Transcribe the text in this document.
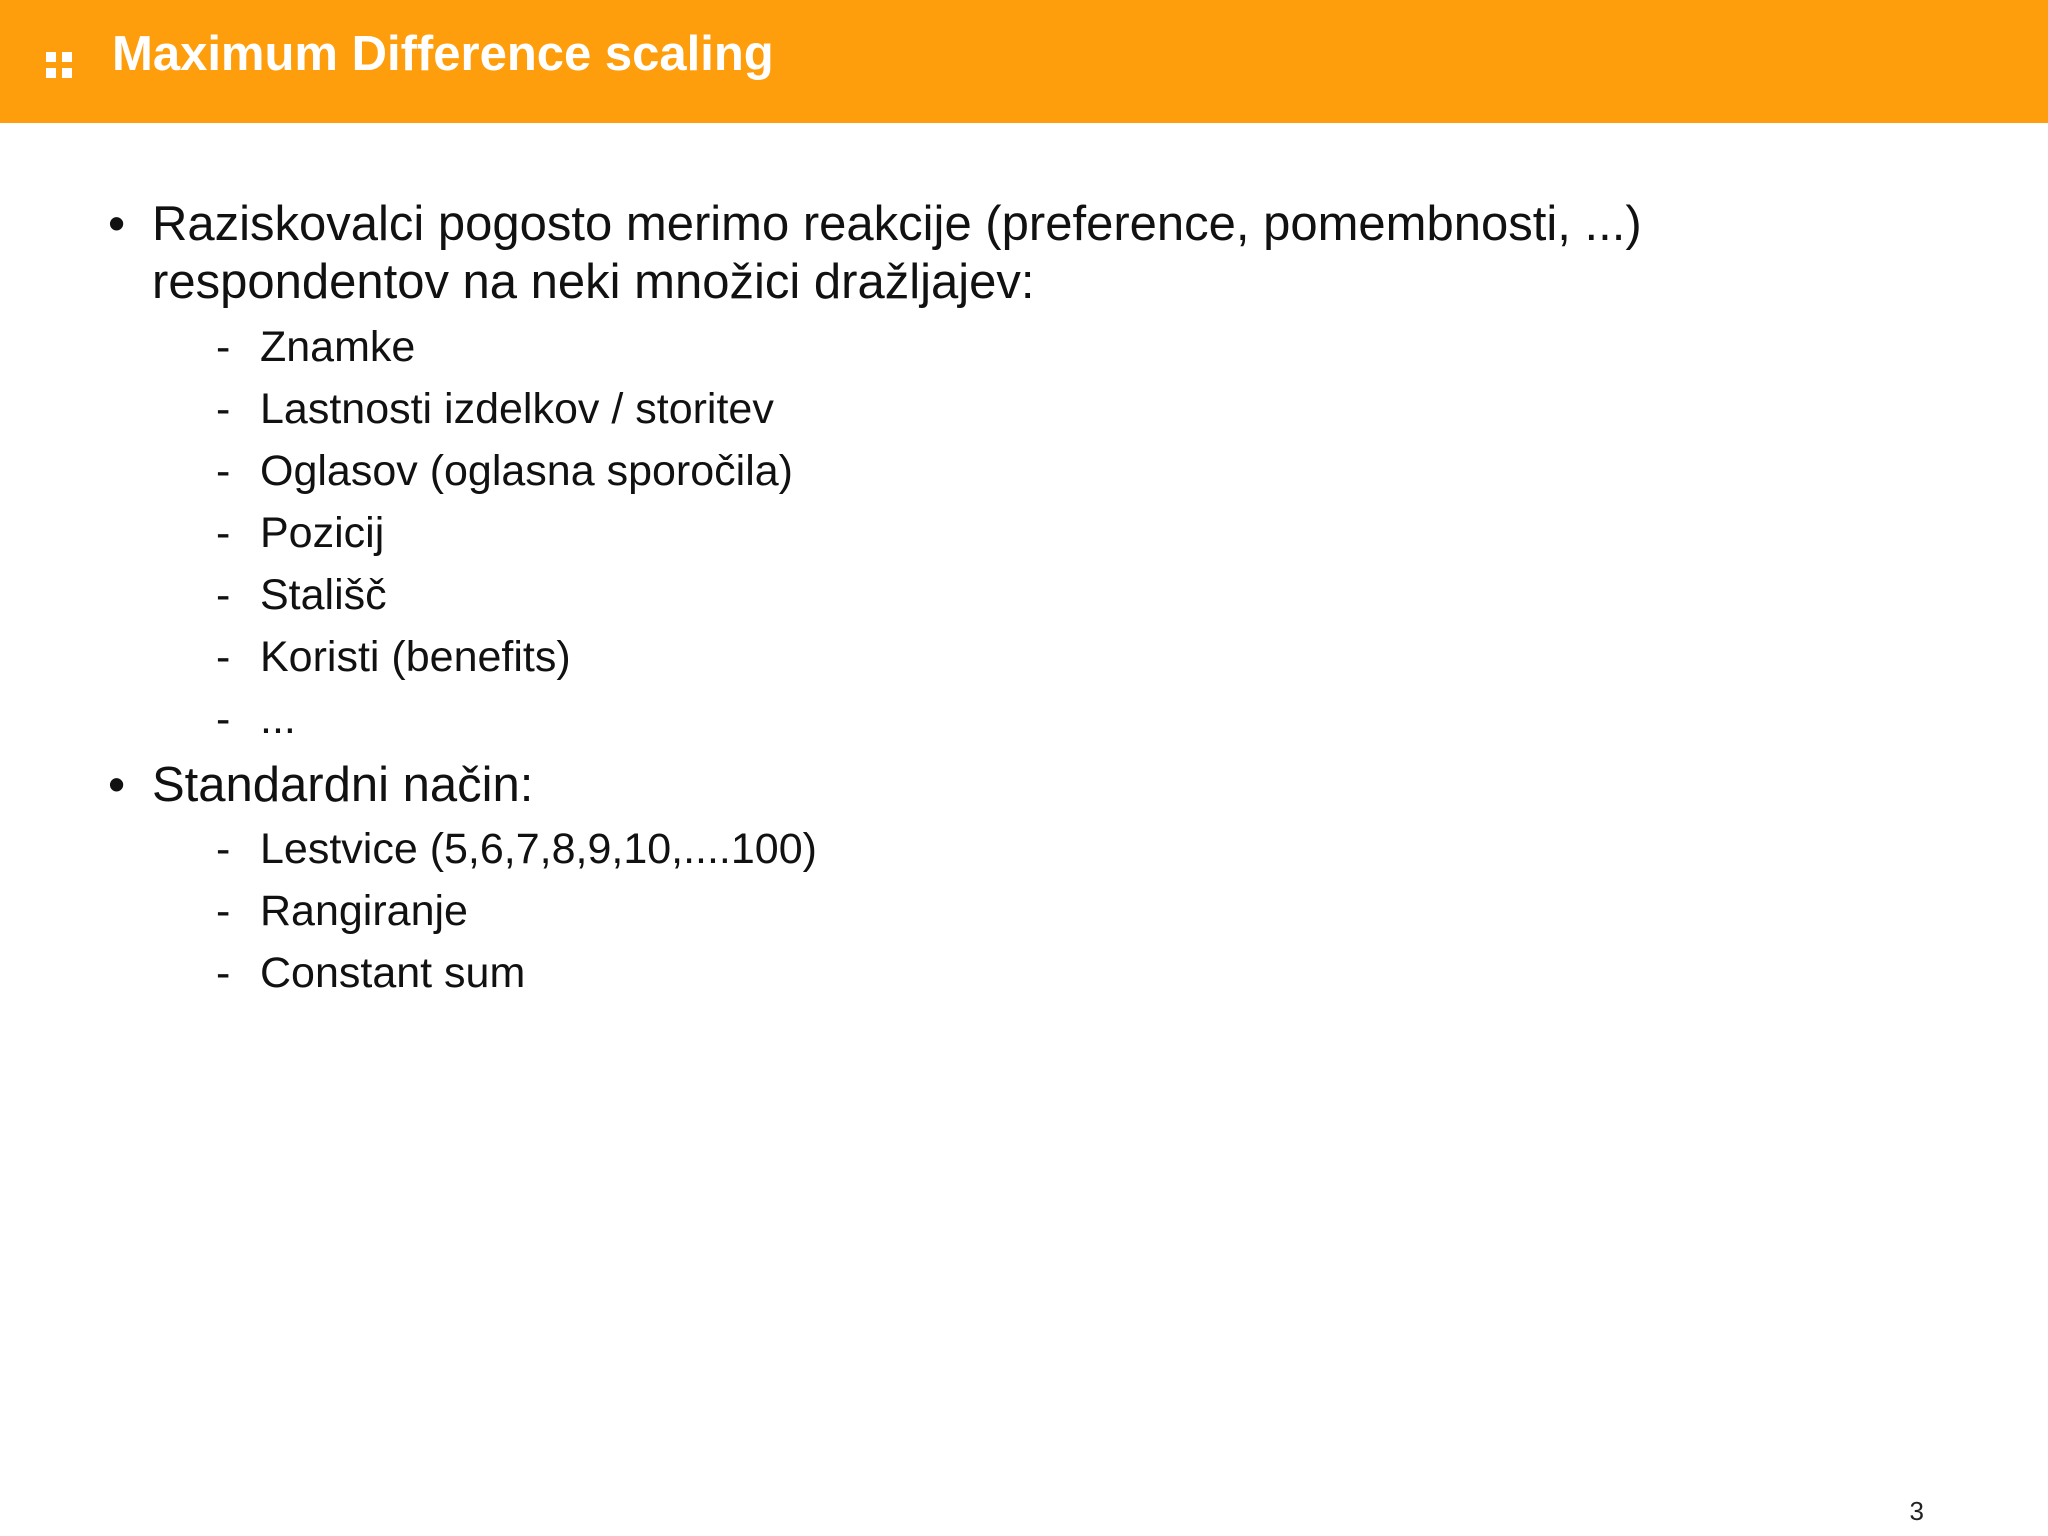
Maximum Difference scaling
• Raziskovalci pogosto merimo reakcije (preference, pomembnosti, ...) respondentov na neki množici dražljajev:
- Znamke
- Lastnosti izdelkov / storitev
- Oglasov (oglasna sporočila)
- Pozicij
- Stališč
- Koristi (benefits)
- ...
• Standardni način:
- Lestvice (5,6,7,8,9,10,....100)
- Rangiranje
- Constant sum
3
